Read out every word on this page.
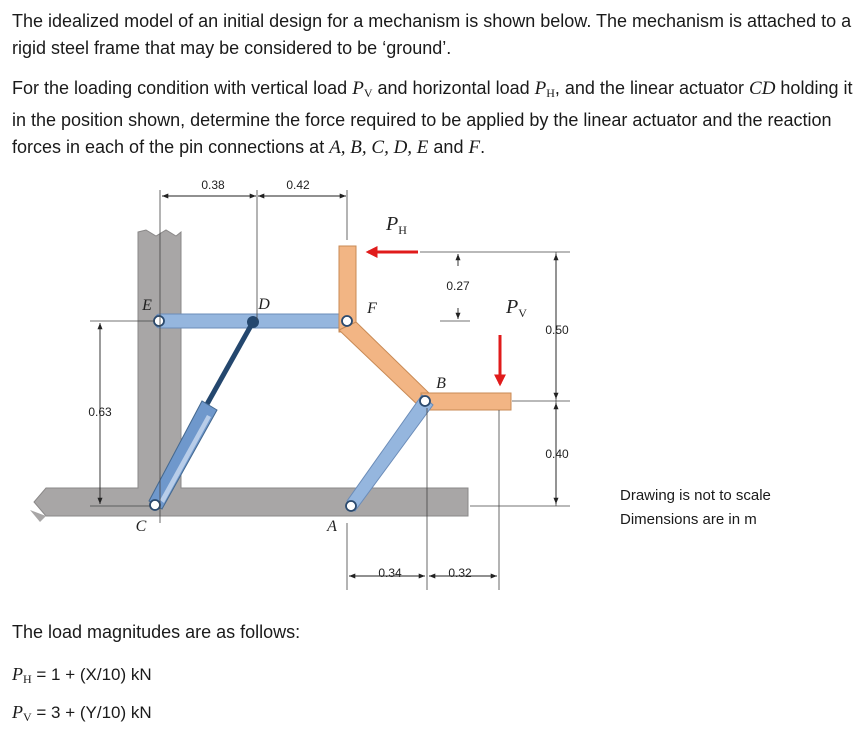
The idealized model of an initial design for a mechanism is shown below. The mechanism is attached to a rigid steel frame that may be considered to be ‘ground’.

For the loading condition with vertical load $P_V$ and horizontal load $P_H$, and the linear actuator CD holding it in the position shown, determine the force required to be applied by the linear actuator and the reaction forces in each of the pin connections at A, B, C, D, E and F.

0.38	0.42
0.63
0.27
0.50
0.40
0.34	0.32
E	D	F
B
C	A
$P_H$
$P_V$
Drawing is not to scale
Dimensions are in m
The load magnitudes are as follows:
$P_H = 1 + (X/10)$ kN
$P_V = 3 + (Y/10)$ kN
